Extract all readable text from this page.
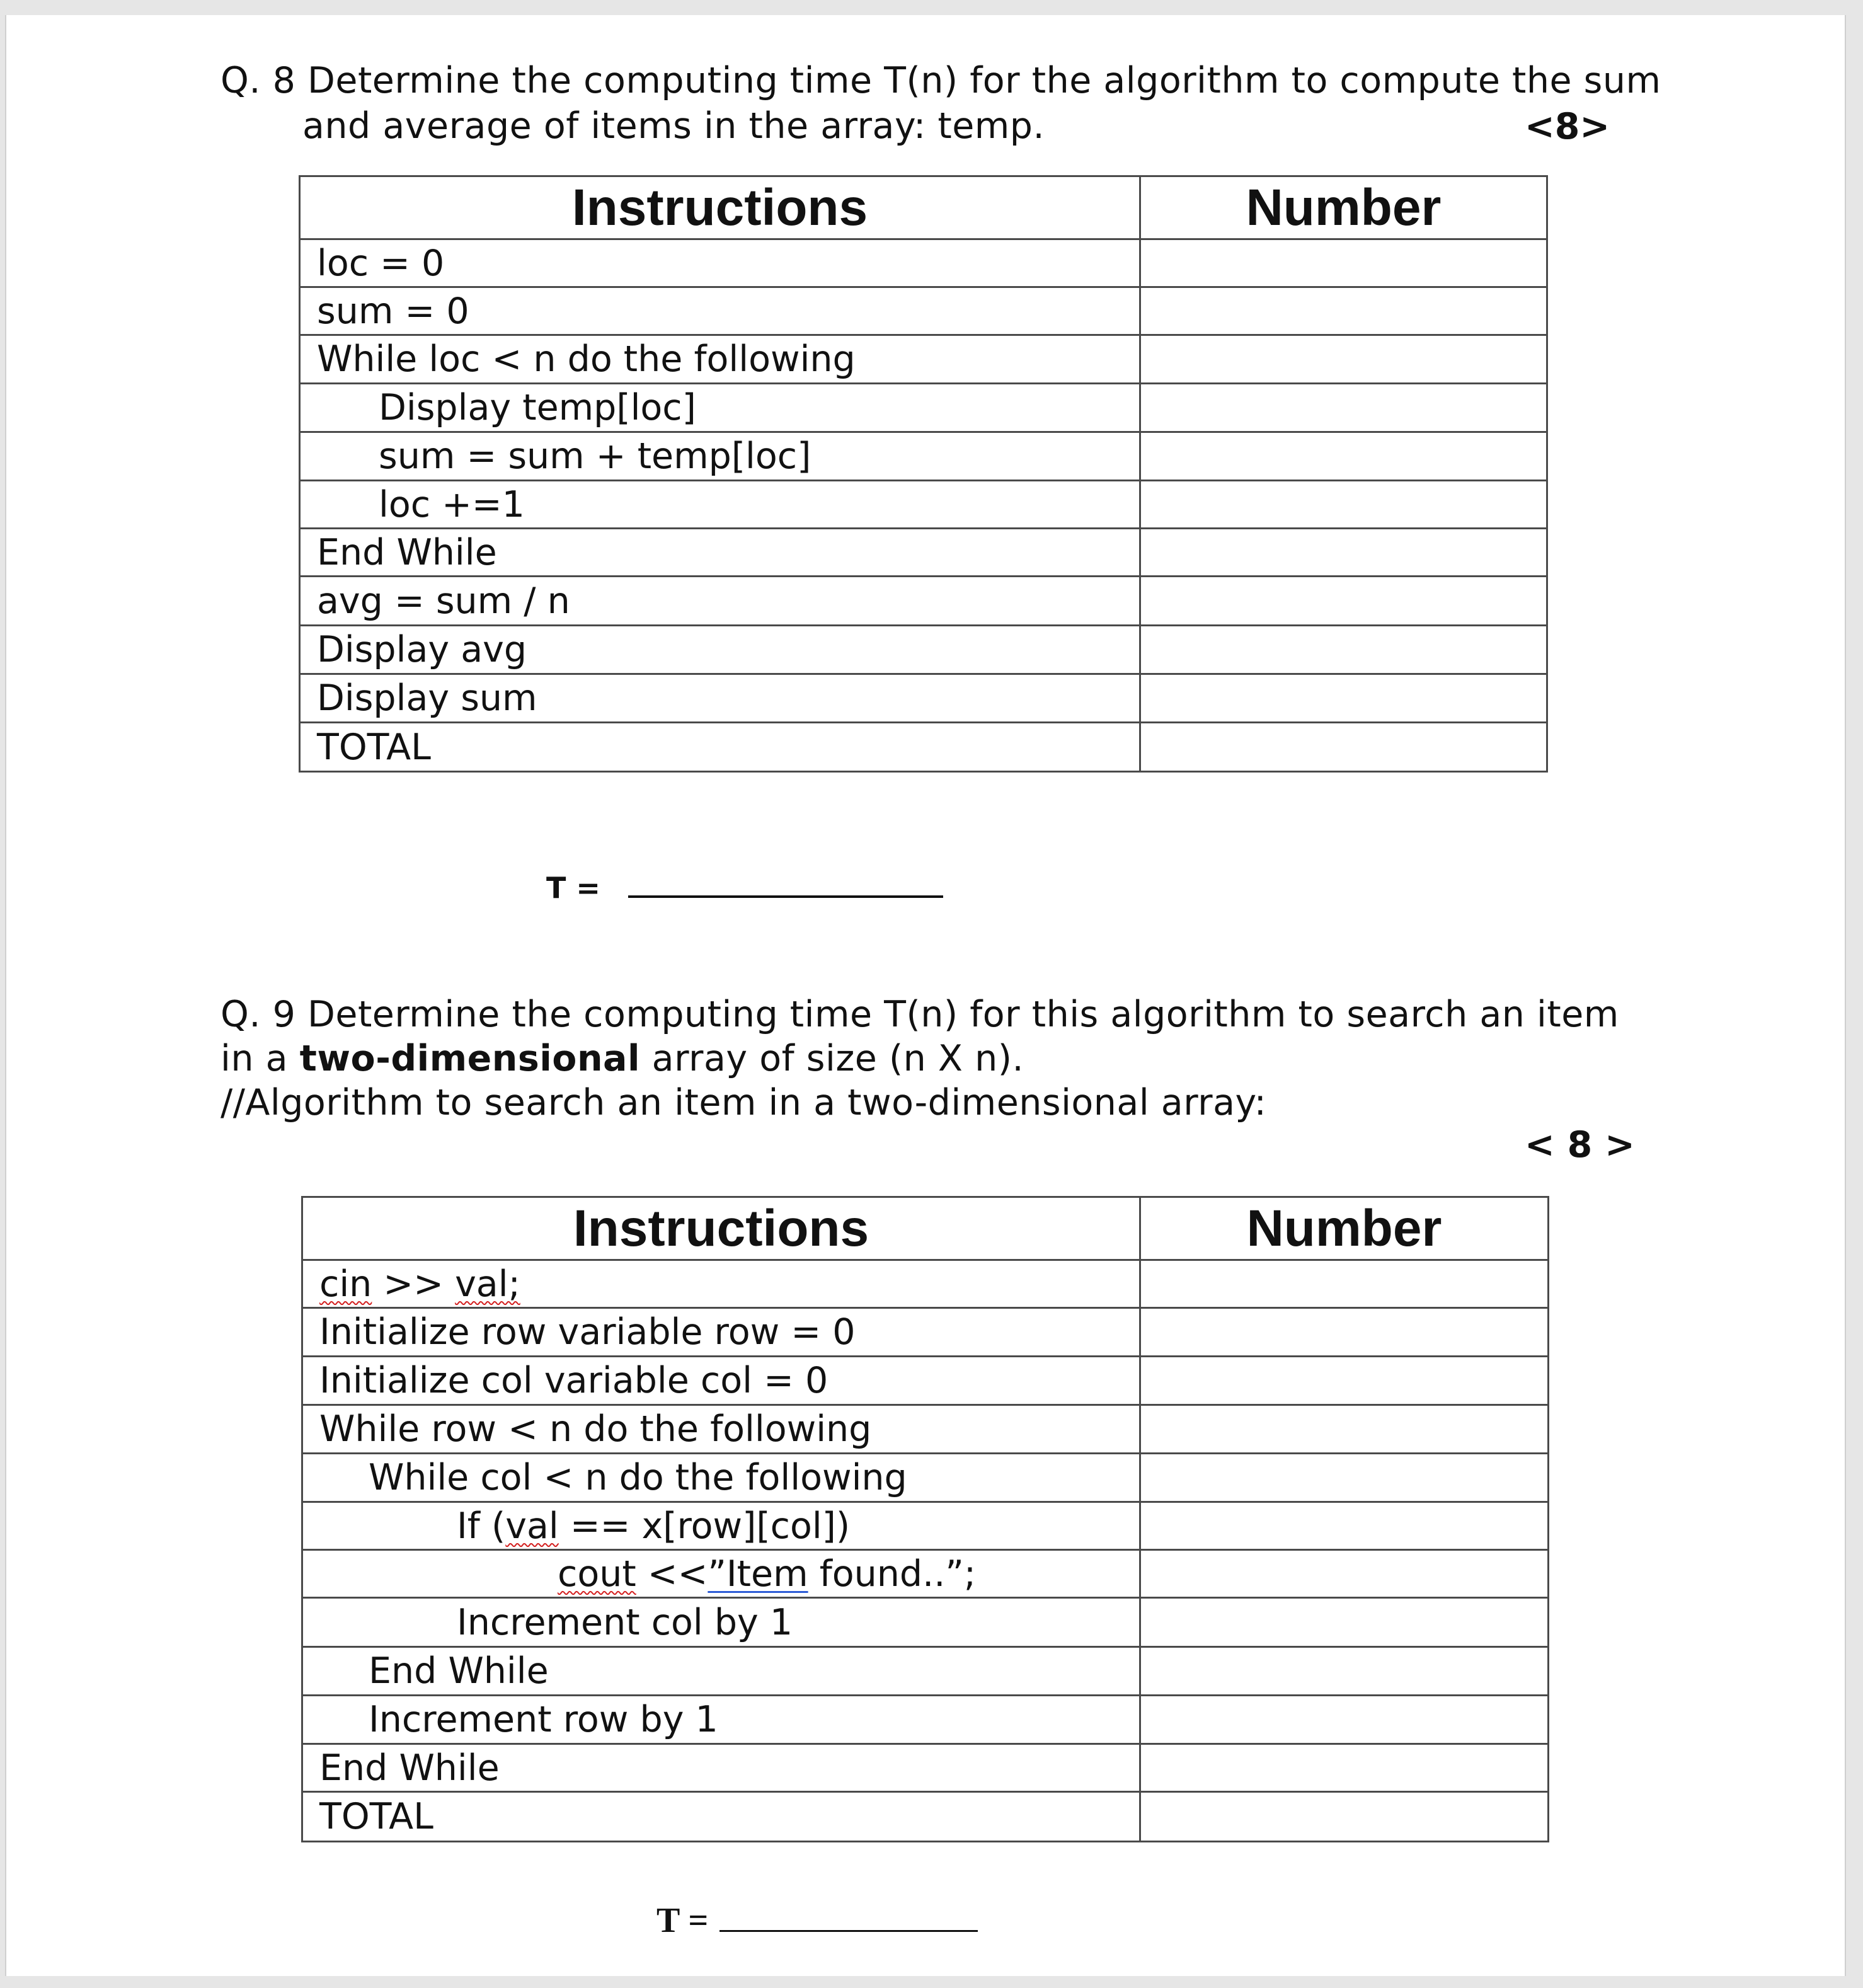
Q. 8 Determine the computing time T(n) for the algorithm to compute the sum
and average of items in the array: temp.	<8>
Instructions	Number
loc = 0	
sum = 0	
While loc < n do the following	
Display temp[loc]	
sum = sum + temp[loc]	
loc +=1	
End While	
avg = sum / n	
Display avg	
Display sum	
TOTAL	
T =
Q. 9 Determine the computing time T(n) for this algorithm to search an item
in a two-dimensional array of size (n X n).
//Algorithm to search an item in a two-dimensional array:
< 8 >
Instructions	Number
cin >> val;	
Initialize row variable row = 0	
Initialize col variable col = 0	
While row < n do the following	
While col < n do the following	
If (val == x[row][col])	
cout <<”Item found..”;	
Increment col by 1	
End While	
Increment row by 1	
End While	
TOTAL	
T =
